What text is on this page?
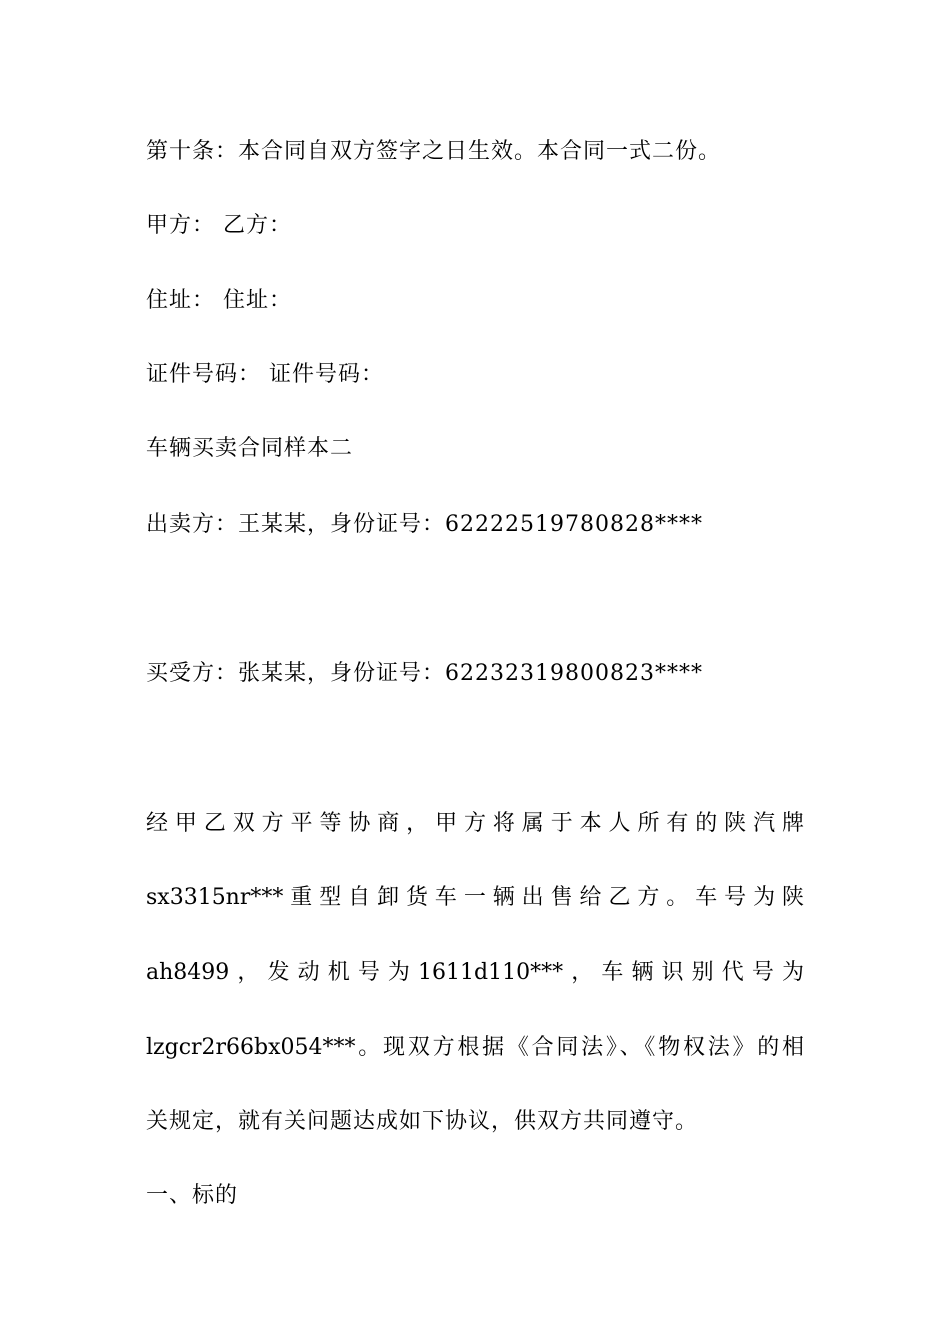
第十条：本合同自双方签字之日生效。本合同一式二份。
甲方： 乙方：
住址： 住址：
证件号码： 证件号码：
车辆买卖合同样本二
出卖方：王某某，身份证号：62222519780828****
买受方：张某某，身份证号：62232319800823****
经甲乙双方平等协商，甲方将属于本人所有的陕汽牌
sx3315nr***重型自卸货车一辆出售给乙方。车号为陕
ah8499，发动机号为1611d110***，车辆识别代号为
lzgcr2r66bx054***。现双方根据《合同法》、《物权法》的相
关规定，就有关问题达成如下协议，供双方共同遵守。
一、标的
